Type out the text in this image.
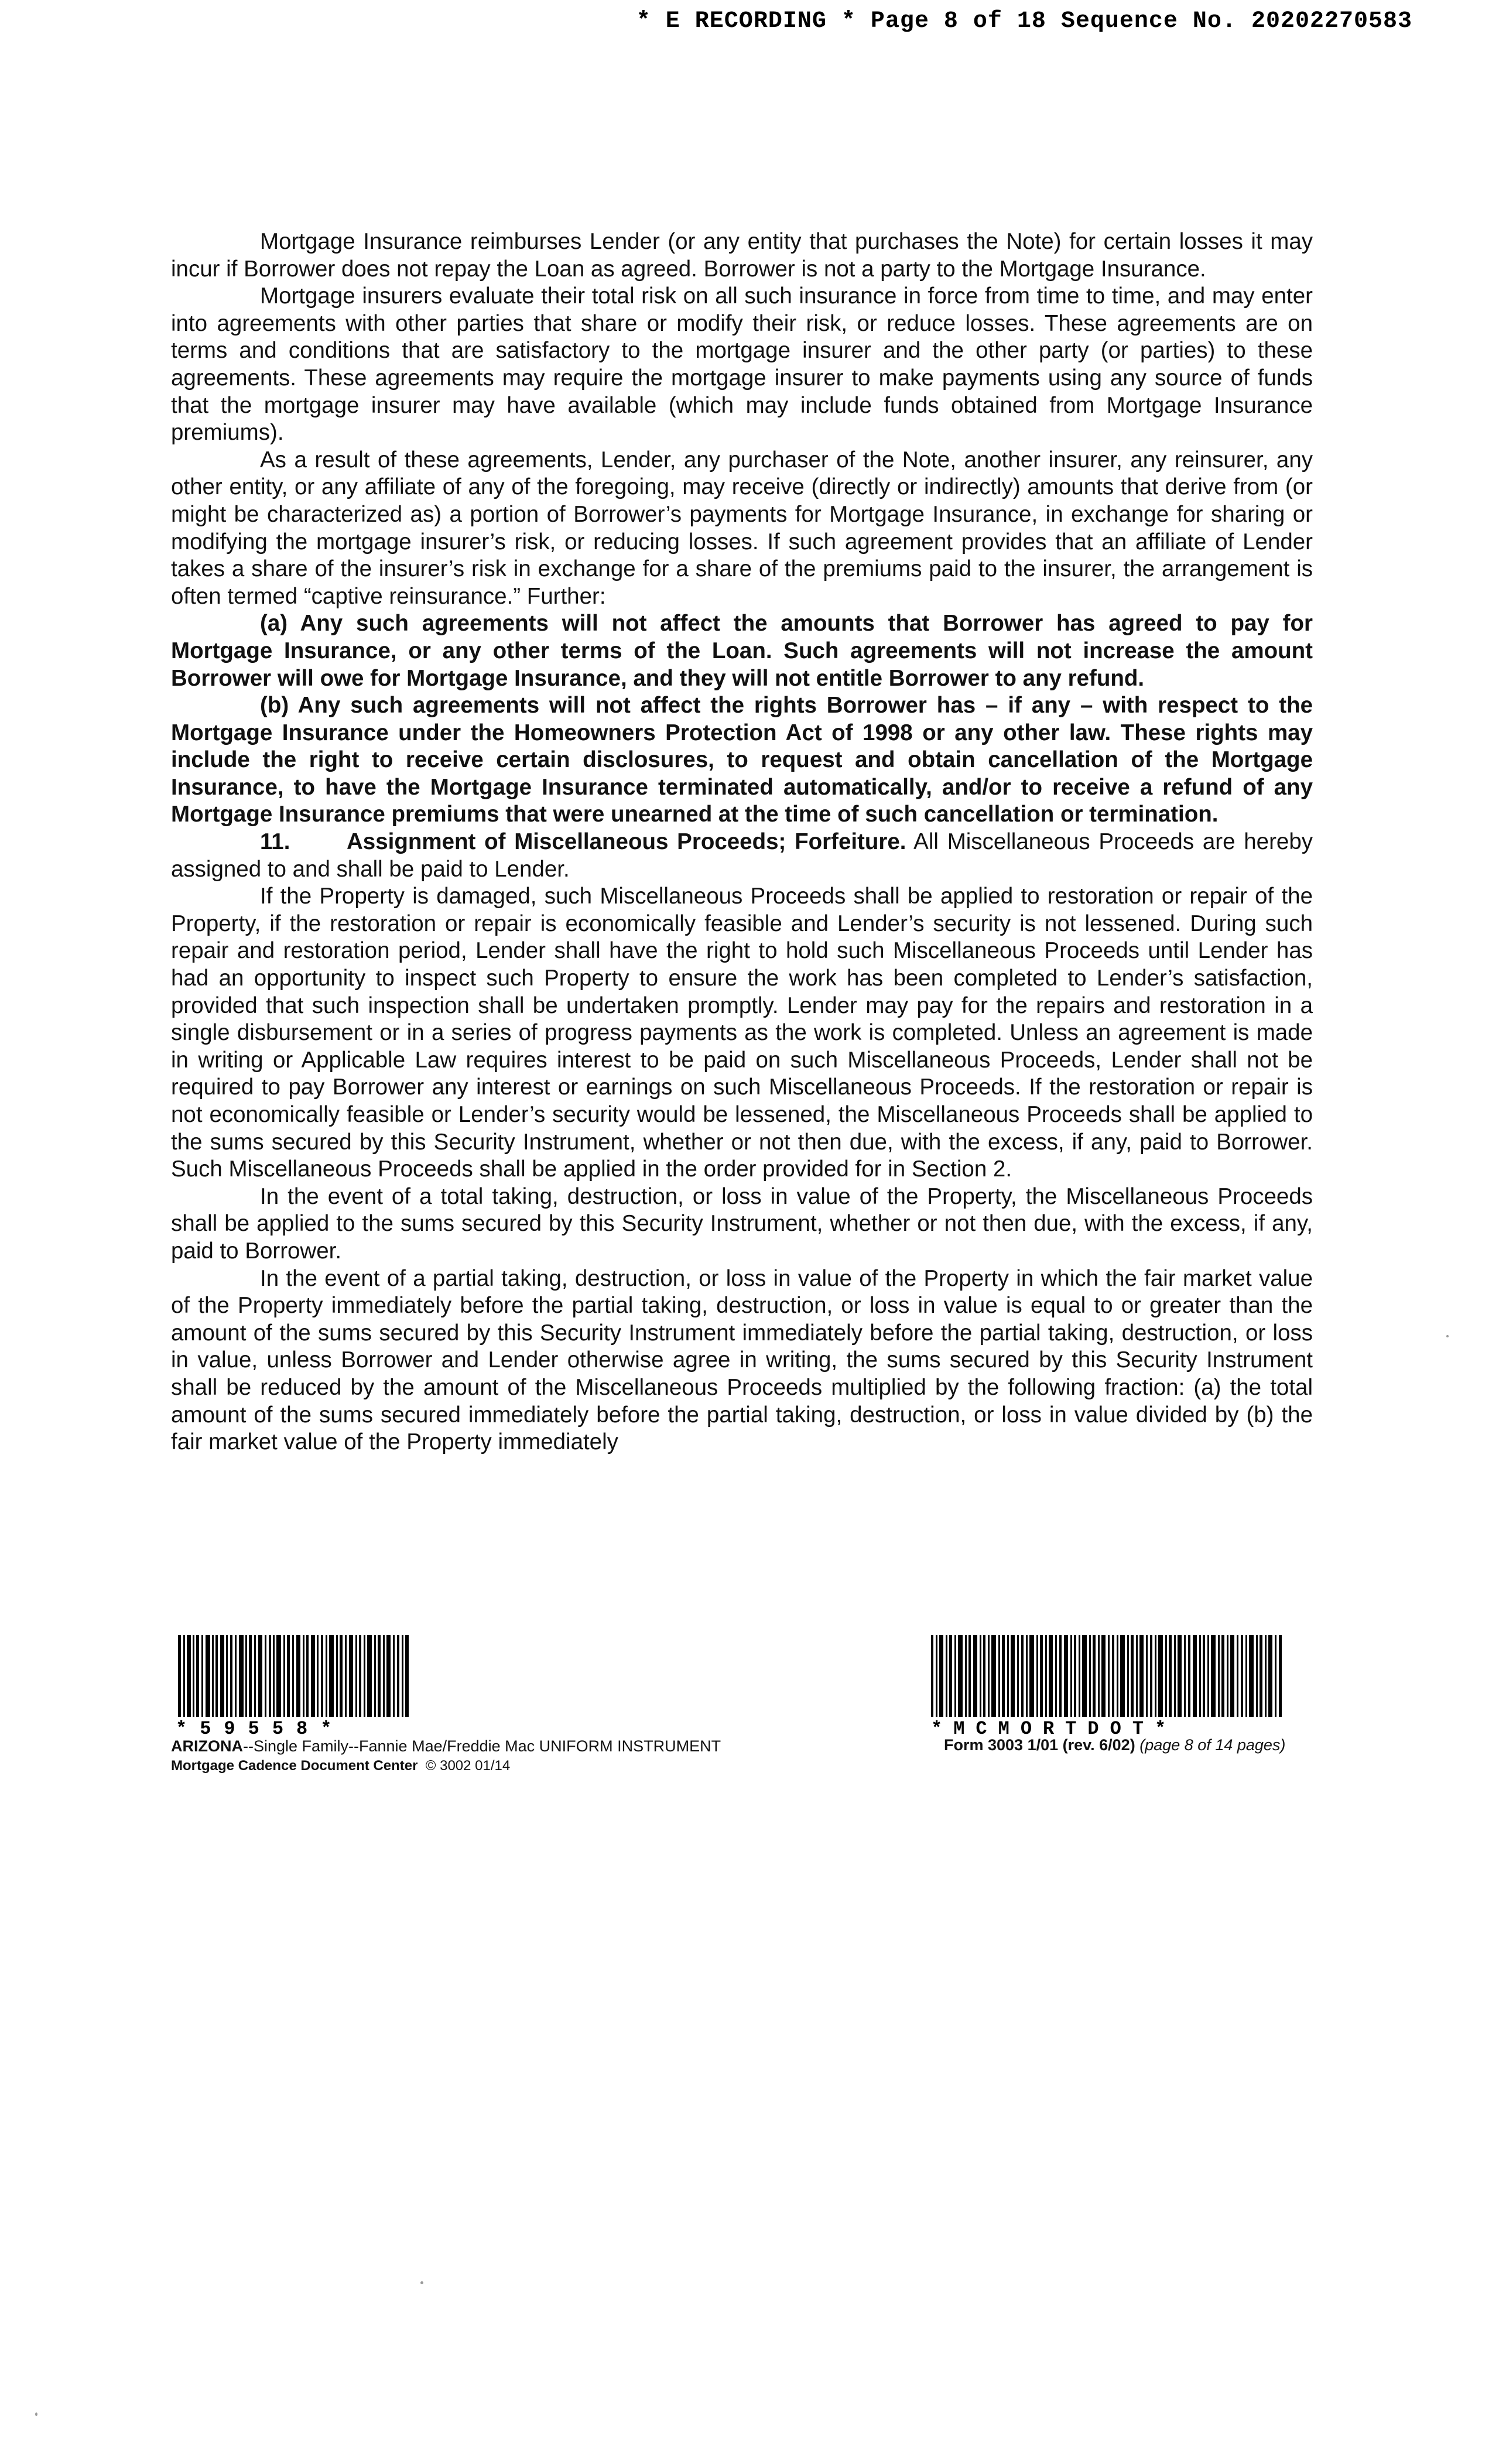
* E RECORDING * Page 8 of 18 Sequence No. 20202270583

Mortgage Insurance reimburses Lender (or any entity that purchases the Note) for certain losses it may incur if Borrower does not repay the Loan as agreed. Borrower is not a party to the Mortgage Insurance.

Mortgage insurers evaluate their total risk on all such insurance in force from time to time, and may enter into agreements with other parties that share or modify their risk, or reduce losses. These agreements are on terms and conditions that are satisfactory to the mortgage insurer and the other party (or parties) to these agreements. These agreements may require the mortgage insurer to make payments using any source of funds that the mortgage insurer may have available (which may include funds obtained from Mortgage Insurance premiums).

As a result of these agreements, Lender, any purchaser of the Note, another insurer, any reinsurer, any other entity, or any affiliate of any of the foregoing, may receive (directly or indirectly) amounts that derive from (or might be characterized as) a portion of Borrower’s payments for Mortgage Insurance, in exchange for sharing or modifying the mortgage insurer’s risk, or reducing losses. If such agreement provides that an affiliate of Lender takes a share of the insurer’s risk in exchange for a share of the premiums paid to the insurer, the arrangement is often termed “captive reinsurance.” Further:

(a) Any such agreements will not affect the amounts that Borrower has agreed to pay for Mortgage Insurance, or any other terms of the Loan. Such agreements will not increase the amount Borrower will owe for Mortgage Insurance, and they will not entitle Borrower to any refund.

(b) Any such agreements will not affect the rights Borrower has – if any – with respect to the Mortgage Insurance under the Homeowners Protection Act of 1998 or any other law. These rights may include the right to receive certain disclosures, to request and obtain cancellation of the Mortgage Insurance, to have the Mortgage Insurance terminated automatically, and/or to receive a refund of any Mortgage Insurance premiums that were unearned at the time of such cancellation or termination.

11.	Assignment of Miscellaneous Proceeds; Forfeiture. All Miscellaneous Proceeds are hereby assigned to and shall be paid to Lender.

If the Property is damaged, such Miscellaneous Proceeds shall be applied to restoration or repair of the Property, if the restoration or repair is economically feasible and Lender’s security is not lessened. During such repair and restoration period, Lender shall have the right to hold such Miscellaneous Proceeds until Lender has had an opportunity to inspect such Property to ensure the work has been completed to Lender’s satisfaction, provided that such inspection shall be undertaken promptly. Lender may pay for the repairs and restoration in a single disbursement or in a series of progress payments as the work is completed. Unless an agreement is made in writing or Applicable Law requires interest to be paid on such Miscellaneous Proceeds, Lender shall not be required to pay Borrower any interest or earnings on such Miscellaneous Proceeds. If the restoration or repair is not economically feasible or Lender’s security would be lessened, the Miscellaneous Proceeds shall be applied to the sums secured by this Security Instrument, whether or not then due, with the excess, if any, paid to Borrower. Such Miscellaneous Proceeds shall be applied in the order provided for in Section 2.

In the event of a total taking, destruction, or loss in value of the Property, the Miscellaneous Proceeds shall be applied to the sums secured by this Security Instrument, whether or not then due, with the excess, if any, paid to Borrower.

In the event of a partial taking, destruction, or loss in value of the Property in which the fair market value of the Property immediately before the partial taking, destruction, or loss in value is equal to or greater than the amount of the sums secured by this Security Instrument immediately before the partial taking, destruction, or loss in value, unless Borrower and Lender otherwise agree in writing, the sums secured by this Security Instrument shall be reduced by the amount of the Miscellaneous Proceeds multiplied by the following fraction: (a) the total amount of the sums secured immediately before the partial taking, destruction, or loss in value divided by (b) the fair market value of the Property immediately

*59558*	*MCMORTDOT*
ARIZONA--Single Family--Fannie Mae/Freddie Mac UNIFORM INSTRUMENT
Mortgage Cadence Document Center © 3002 01/14
Form 3003 1/01 (rev. 6/02) (page 8 of 14 pages)
